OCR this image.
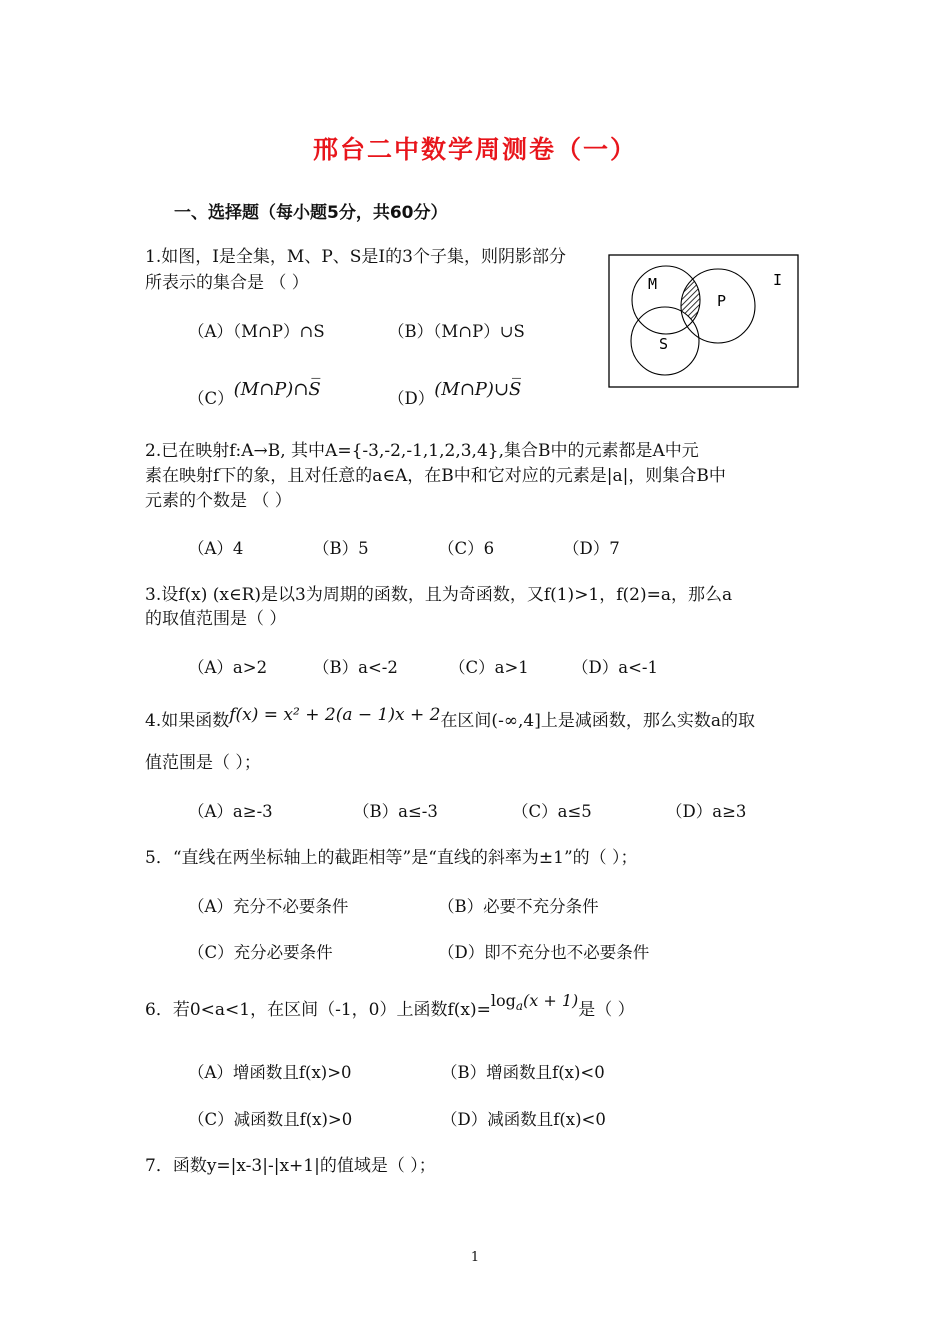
邢台二中数学周测卷（一）
一、选择题（每小题5分，共60分）
1.如图，I是全集，M、P、S是I的3个子集，则阴影部分
所表示的集合是 （ ）
（A）（M∩P）∩S	（B）（M∩P）∪S
（C）(M∩P)∩S̅	（D）(M∩P)∪S̅
M
P
S
I
2.已在映射f:A→B, 其中A={-3,-2,-1,1,2,3,4},集合B中的元素都是A中元
素在映射f下的象，且对任意的a∈A，在B中和它对应的元素是|a|，则集合B中
元素的个数是 （ ）
（A）4	（B）5	（C）6	（D）7
3.设f(x) (x∈R)是以3为周期的函数，且为奇函数，又f(1)>1，f(2)=a，那么a
的取值范围是（ ）
（A）a>2	（B）a<-2	（C）a>1	（D）a<-1
4.如果函数f(x) = x² + 2(a − 1)x + 2在区间(-∞,4]上是减函数，那么实数a的取
值范围是（ ）；
（A）a≥-3	（B）a≤-3	（C）a≤5	（D）a≥3
5．“直线在两坐标轴上的截距相等”是“直线的斜率为±1”的（ ）；
（A）充分不必要条件	（B）必要不充分条件
（C）充分必要条件	（D）即不充分也不必要条件
6．若0<a<1，在区间（-1，0）上函数$f(x)=\log_a(x + 1)$是（ ）
（A）增函数且f(x)>0	（B）增函数且f(x)<0
（C）减函数且f(x)>0	（D）减函数且f(x)<0
7．函数y=|x-3|-|x+1|的值域是（ ）；
1
